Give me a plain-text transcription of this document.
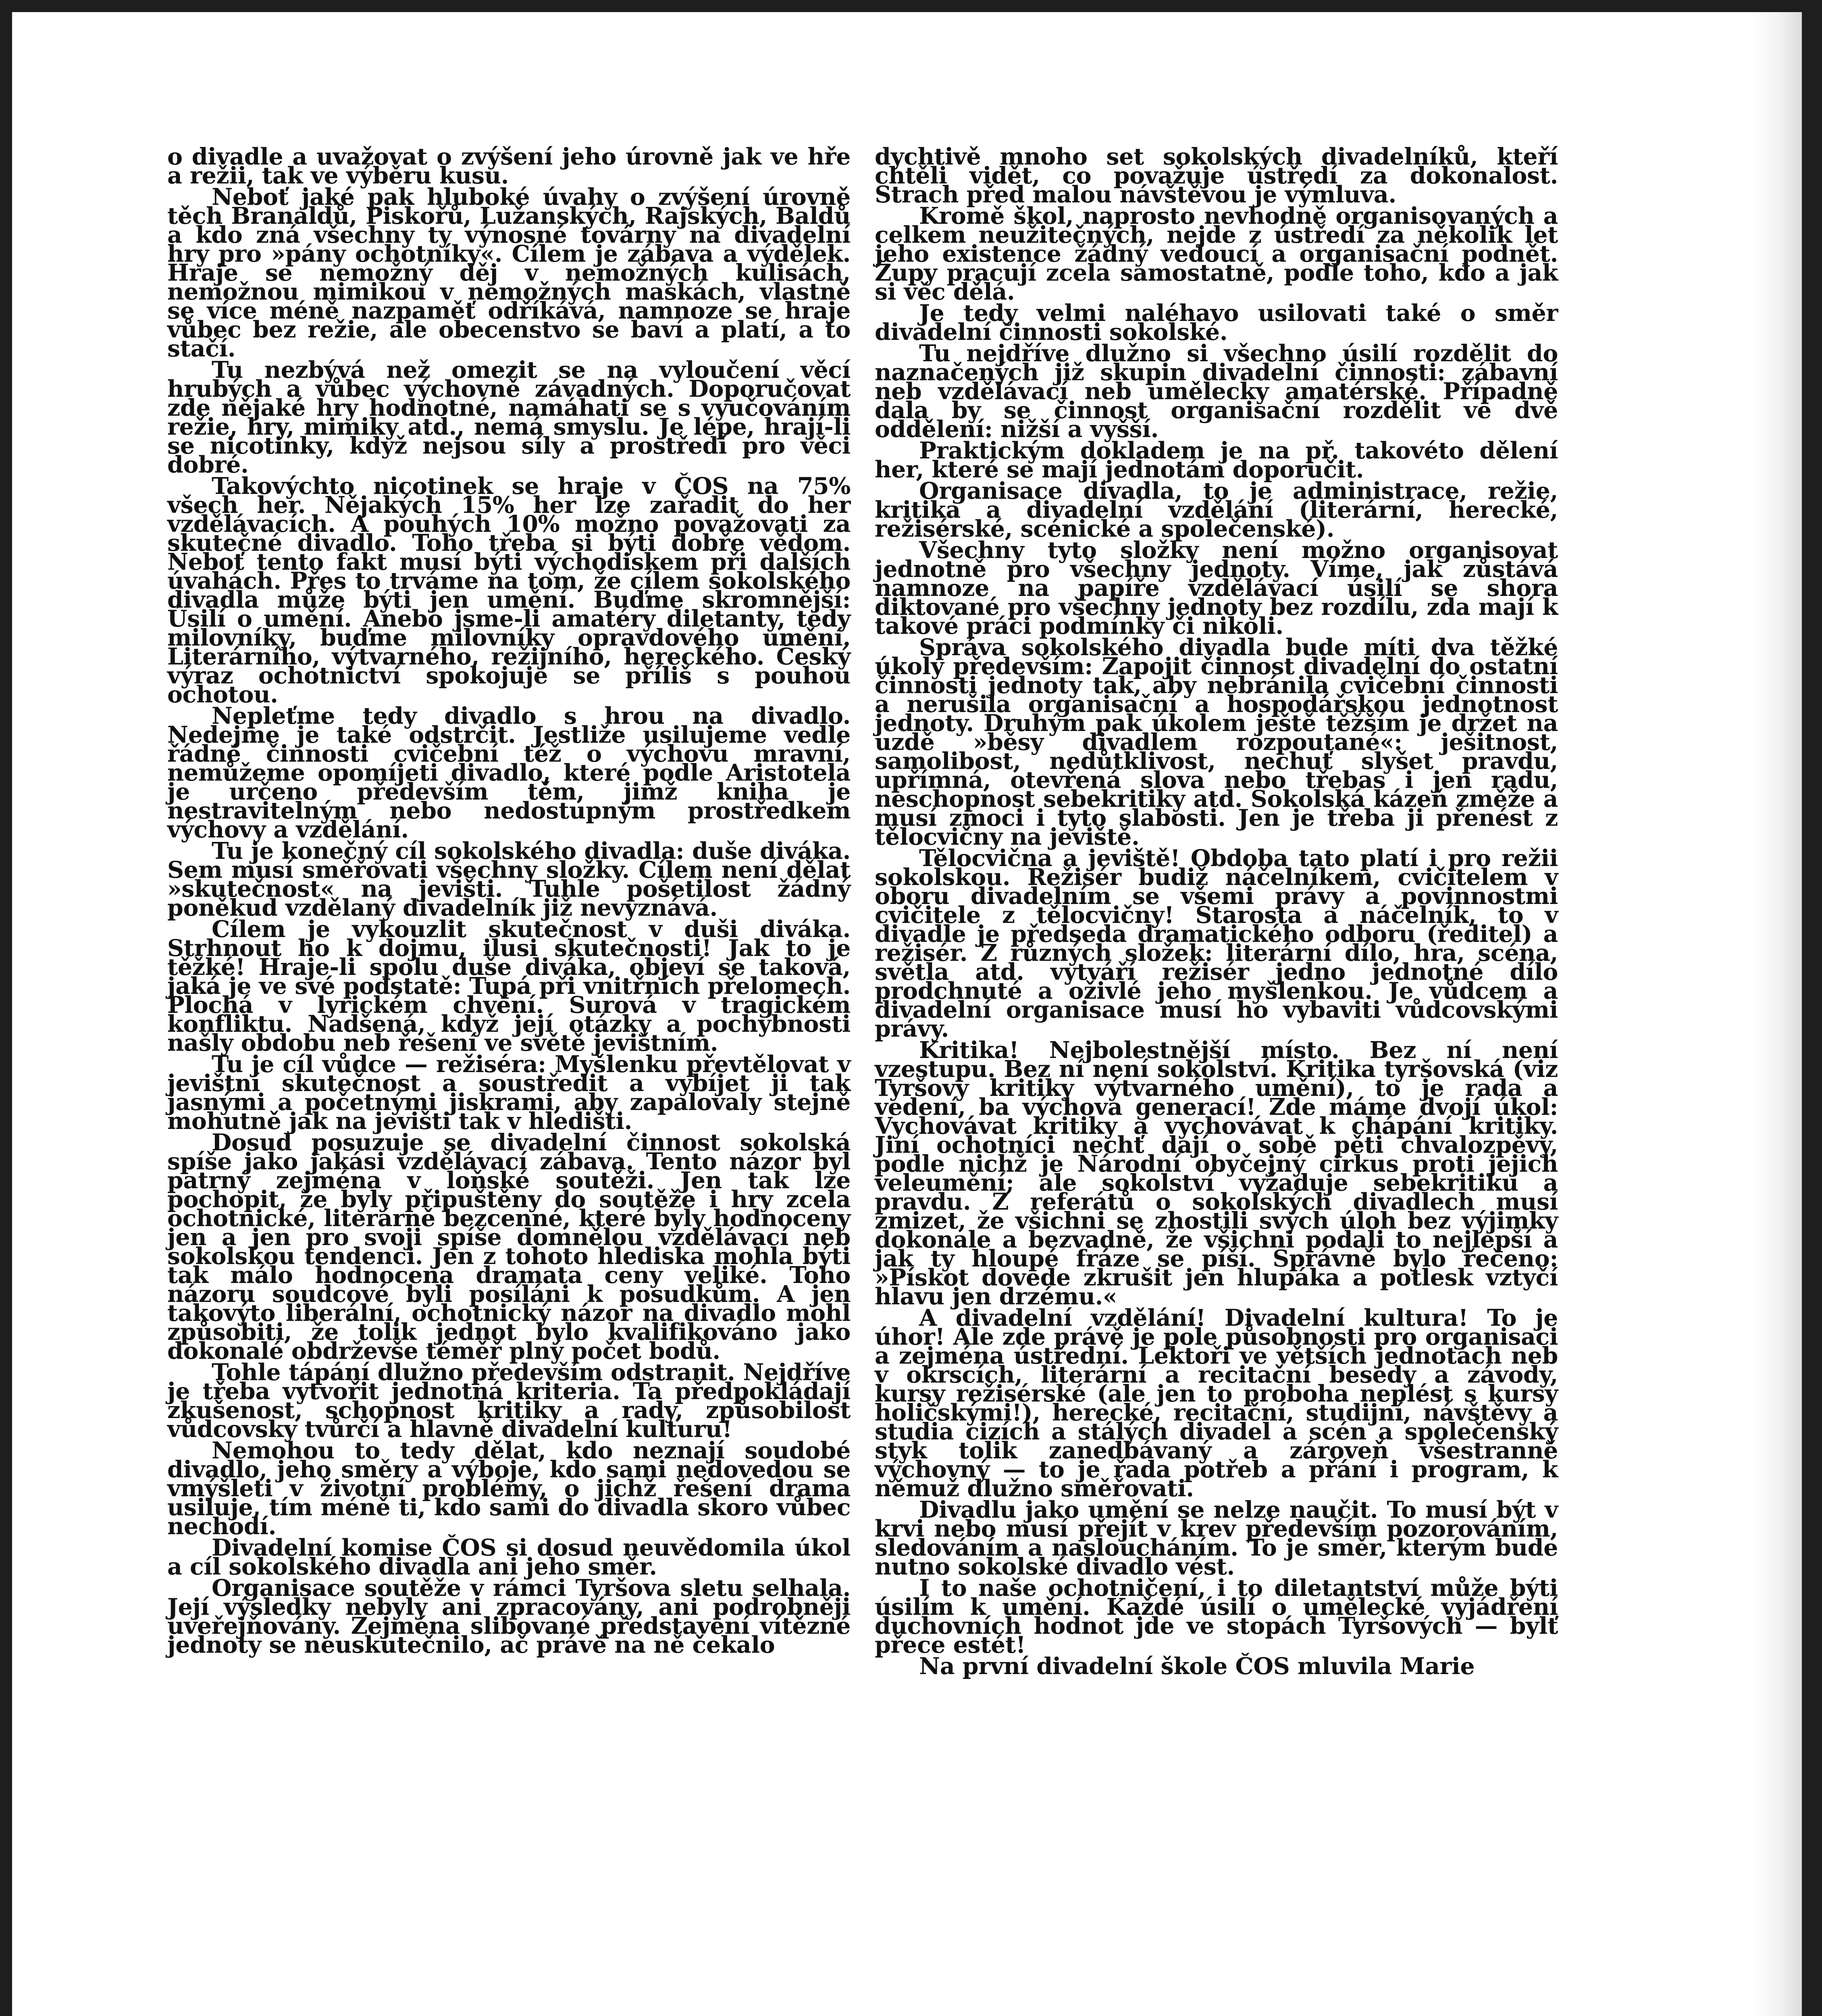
o divadle a uvažovat o zvýšení jeho úrovně jak ve hře a režii, tak ve výběru kusu.

Neboť jaké pak hluboké úvahy o zvýšení úrovně těch Branaldů, Piskořů, Lužanských, Rajských, Baldů a kdo zná všechny ty výnosné továrny na divadelní hry pro »pány ochotníky«. Cílem je zábava a výdělek. Hraje se nemožný děj v nemožných kulisách, nemožnou mimikou v nemožných maskách, vlastně se více méně nazpaměť odříkává, namnoze se hraje vůbec bez režie, ale obecenstvo se baví a platí, a to stačí.

Tu nezbývá než omezit se na vyloučení věcí hrubých a vůbec výchovně závadných. Doporučovat zde nějaké hry hodnotné, namáhati se s vyučováním režie, hry, mimiky atd., nemá smyslu. Je lépe, hrají-li se nicotinky, když nejsou síly a prostředí pro věci dobré.

Takovýchto nicotinek se hraje v ČOS na 75% všech her. Nějakých 15% her lze zařadit do her vzdělávacích. A pouhých 10% možno považovati za skutečné divadlo. Toho třeba si býti dobře vědom. Neboť tento fakt musí býti východiskem při dalších úvahách. Přes to trváme na tom, že cílem sokolského divadla může býti jen umění. Buďme skromnější: Úsilí o umění. Anebo jsme-li amatéry diletanty, tedy milovníky, buďme milovníky opravdového umění. Literárního, výtvarného, režijního, hereckého. Český výraz ochotnictví spokojuje se příliš s pouhou ochotou.

Nepleťme tedy divadlo s hrou na divadlo. Nedejme je také odstrčit. Jestliže usilujeme vedle řádné činnosti cvičební též o výchovu mravní, nemůžeme opomíjeti divadlo, které podle Aristotela je určeno především těm, jimž kniha je nestravitelným nebo nedostupným prostředkem výchovy a vzdělání.

Tu je konečný cíl sokolského divadla: duše diváka. Sem musí směřovati všechny složky. Cílem není dělat »skutečnost« na jevišti. Tuhle pošetilost žádný poněkud vzdělaný divadelník již nevyznává.

Cílem je vykouzlit skutečnost v duši diváka. Strhnout ho k dojmu, ilusi skutečnosti! Jak to je těžké! Hraje-li spolu duše diváka, objeví se taková, jaká je ve své podstatě: Tupá při vnitřních přelomech. Plochá v lyrickém chvění. Surová v tragickém konfliktu. Nadšená, když její otázky a pochybnosti našly obdobu neb řešení ve světě jevištním.

Tu je cíl vůdce — režiséra: Myšlenku převtělovat v jevištní skutečnost a soustředit a vybíjet ji tak jasnými a početnými jiskrami, aby zapalovaly stejně mohutně jak na jevišti tak v hledišti.

Dosud posuzuje se divadelní činnost sokolská spíše jako jakási vzdělávací zábava. Tento názor byl patrný zejména v loňské soutěži. Jen tak lze pochopit, že byly připuštěny do soutěže i hry zcela ochotnické, literárně bezcenné, které byly hodnoceny jen a jen pro svoji spíše domnělou vzdělávací neb sokolskou tendenci. Jen z tohoto hlediska mohla býti tak málo hodnocena dramata ceny veliké. Toho názoru soudcové byli posíláni k posudkům. A jen takovýto liberální, ochotnický názor na divadlo mohl způsobiti, že tolik jednot bylo kvalifikováno jako dokonalé obdrževše téměř plný počet bodů.

Tohle tápání dlužno především odstranit. Nejdříve je třeba vytvořit jednotná kriteria. Ta předpokládají zkušenost, schopnost kritiky a rady, způsobilost vůdcovsky tvůrčí a hlavně divadelní kulturu!

Nemohou to tedy dělat, kdo neznají soudobé divadlo, jeho směry a výboje, kdo sami nedovedou se vmýšleti v životní problémy, o jichž řešení drama usiluje, tím méně ti, kdo sami do divadla skoro vůbec nechodí.

Divadelní komise ČOS si dosud neuvědomila úkol a cíl sokolského divadla ani jeho směr.

Organisace soutěže v rámci Tyršova sletu selhala. Její výsledky nebyly ani zpracovány, ani podrobněji uveřejňovány. Zejména slibované představení vítězné jednoty se neuskutečnilo, ač právě na ně čekalo

dychtivě mnoho set sokolských divadelníků, kteří chtěli vidět, co považuje ústředí za dokonalost. Strach před malou návštěvou je výmluva.

Kromě škol, naprosto nevhodně organisovaných a celkem neužitečných, nejde z ústředí za několik let jeho existence žádný vedoucí a organisační podnět. Župy pracují zcela samostatně, podle toho, kdo a jak si věc dělá.

Je tedy velmi naléhavo usilovati také o směr divadelní činnosti sokolské.

Tu nejdříve dlužno si všechno úsilí rozdělit do naznačených již skupin divadelní činnosti: zábavní neb vzdělávací neb umělecky amatérské. Případně dala by se činnost organisační rozdělit ve dvě oddělení: nižší a vyšší.

Praktickým dokladem je na př. takovéto dělení her, které se mají jednotám doporučit.

Organisace divadla, to je administrace, režie, kritika a divadelní vzdělání (literární, herecké, režisérské, scénické a společenské).

Všechny tyto složky není možno organisovat jednotně pro všechny jednoty. Víme, jak zůstává namnoze na papíře vzdělávací úsilí se shora diktované pro všechny jednoty bez rozdílu, zda mají k takové práci podmínky či nikoli.

Správa sokolského divadla bude míti dva těžké úkoly především: Zapojit činnost divadelní do ostatní činnosti jednoty tak, aby nebránila cvičební činnosti a nerušila organisační a hospodářskou jednotnost jednoty. Druhým pak úkolem ještě těžším je držet na uzdě »běsy divadlem rozpoutané«: ješitnost, samolibost, nedůtklivost, nechuť slyšet pravdu, upřímná, otevřená slova nebo třebas i jen radu, neschopnost sebekritiky atd. Sokolská kázeň změže a musí zmoci i tyto slabosti. Jen je třeba ji přenést z tělocvičny na jeviště.

Tělocvična a jeviště! Obdoba tato platí i pro režii sokolskou. Režisér budiž náčelníkem, cvičitelem v oboru divadelním se všemi právy a povinnostmi cvičitele z tělocvičny! Starosta a náčelník, to v divadle je předseda dramatického odboru (ředitel) a režisér. Z různých složek: literární dílo, hra, scéna, světla atd. vytváří režisér jedno jednotné dílo prodchnuté a oživlé jeho myšlenkou. Je vůdcem a divadelní organisace musí ho vybaviti vůdcovskými právy.

Kritika! Nejbolestnější místo. Bez ní není vzestupu. Bez ní není sokolství. Kritika tyršovská (viz Tyršovy kritiky výtvarného umění), to je rada a vedení, ba výchova generací! Zde máme dvojí úkol: Vychovávat kritiky a vychovávat k chápání kritiky. Jiní ochotníci nechť dají o sobě pěti chvalozpěvy, podle nichž je Národní obyčejný cirkus proti jejich veleumění; ale sokolství vyžaduje sebekritiku a pravdu. Z referátů o sokolských divadlech musí zmizet, že všichni se zhostili svých úloh bez výjimky dokonale a bezvadně, že všichni podali to nejlepší a jak ty hloupé fráze se píší. Správně bylo řečeno: »Pískot dovede zkrušit jen hlupáka a potlesk vztyčí hlavu jen drzému.«

A divadelní vzdělání! Divadelní kultura! To je úhor! Ale zde právě je pole působnosti pro organisaci a zejména ústřední. Lektoři ve větších jednotách neb v okrscích, literární a recitační besedy a závody, kursy režisérské (ale jen to proboha neplést s kursy holičskými!), herecké, recitační, studijní, návštěvy a studia cizích a stálých divadel a scén a společenský styk tolik zanedbávaný a zároveň všestranně výchovný — to je řada potřeb a přání i program, k němuž dlužno směřovati.

Divadlu jako umění se nelze naučit. To musí být v krvi nebo musí přejít v krev především pozorováním, sledováním a nasloucháním. To je směr, kterým bude nutno sokolské divadlo vést.

I to naše ochotničení, i to diletantství může býti úsilím k umění. Každé úsilí o umělecké vyjádření duchovních hodnot jde ve stopách Tyršových — bylť přece estét!

Na první divadelní škole ČOS mluvila Marie
